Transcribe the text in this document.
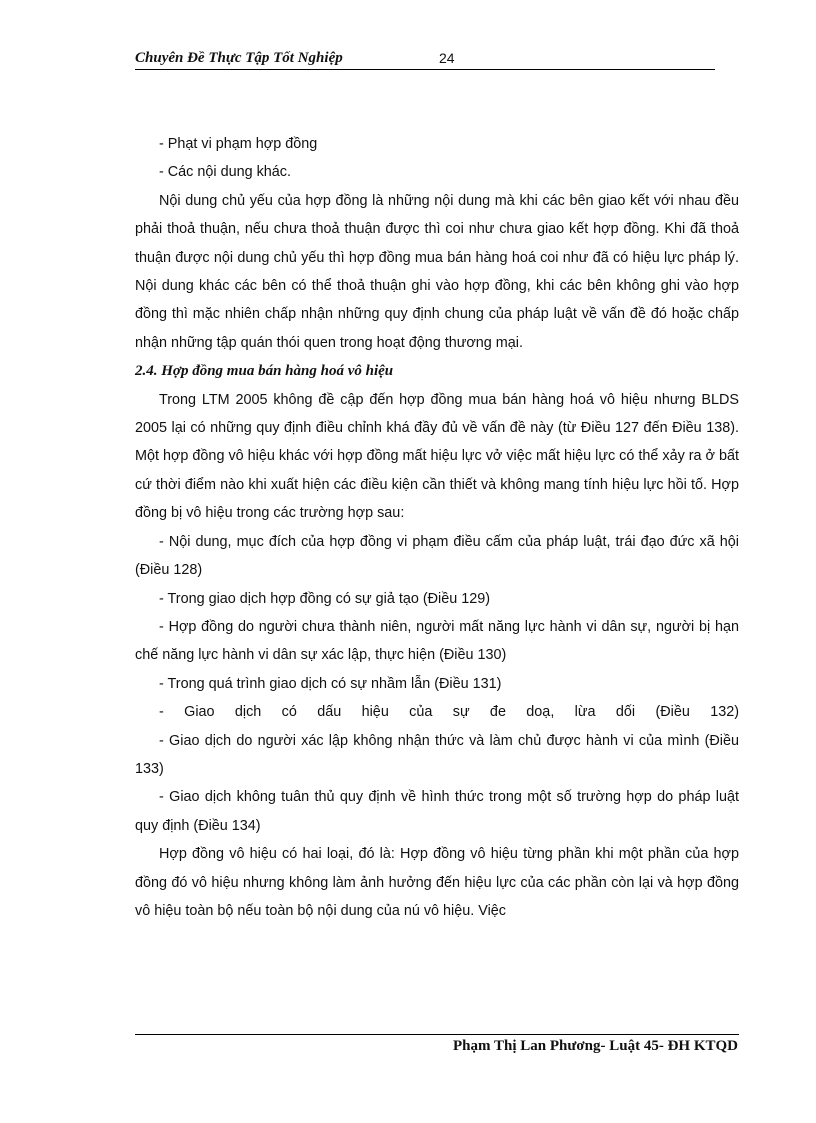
Chuyên Đề Thực Tập Tốt Nghiệp	24

- Phạt vi phạm hợp đồng

- Các nội dung khác.

Nội dung chủ yếu của hợp đồng là những nội dung mà khi các bên giao kết với nhau đều phải thoả thuận, nếu chưa thoả thuận được thì coi như chưa giao kết hợp đồng. Khi đã thoả thuận được nội dung chủ yếu thì hợp đồng mua bán hàng hoá coi như đã có hiệu lực pháp lý. Nội dung khác các bên có thể thoả thuận ghi vào hợp đồng, khi các bên không ghi vào hợp đồng thì mặc nhiên chấp nhận những quy định chung của pháp luật về vấn đề đó hoặc chấp nhận những tập quán thói quen trong hoạt động thương mại.

2.4. Hợp đồng mua bán hàng hoá vô hiệu

Trong LTM 2005 không đề cập đến hợp đồng mua bán hàng hoá vô hiệu nhưng BLDS 2005 lại có những quy định điều chỉnh khá đầy đủ về vấn đề này (từ Điều 127 đến Điều 138). Một hợp đồng vô hiệu khác với hợp đồng mất hiệu lực vở việc mất hiệu lực có thể xảy ra ở bất cứ thời điểm nào khi xuất hiện các điều kiện cần thiết và không mang tính hiệu lực hồi tố. Hợp đồng bị vô hiệu trong các trường hợp sau:

- Nội dung, mục đích của hợp đồng vi phạm điều cấm của pháp luật, trái đạo đức xã hội (Điều 128)

- Trong giao dịch hợp đồng có sự giả tạo (Điều 129)

- Hợp đồng do người chưa thành niên, người mất năng lực hành vi dân sự, người bị hạn chế năng lực hành vi dân sự xác lập, thực hiện (Điều 130)

- Trong quá trình giao dịch có sự nhầm lẫn (Điều 131)

- Giao dịch có dấu hiệu của sự đe doạ, lừa dối (Điều 132)

- Giao dịch do người xác lập không nhận thức và làm chủ được hành vi của mình (Điều 133)

- Giao dịch không tuân thủ quy định về hình thức trong một số trường hợp do pháp luật quy định (Điều 134)

Hợp đồng vô hiệu có hai loại, đó là: Hợp đồng vô hiệu từng phần khi một phần của hợp đồng đó vô hiệu nhưng không làm ảnh hưởng đến hiệu lực của các phần còn lại và hợp đồng vô hiệu toàn bộ nếu toàn bộ nội dung của nú vô hiệu. Việc

Phạm Thị Lan Phương- Luật 45- ĐH KTQD
